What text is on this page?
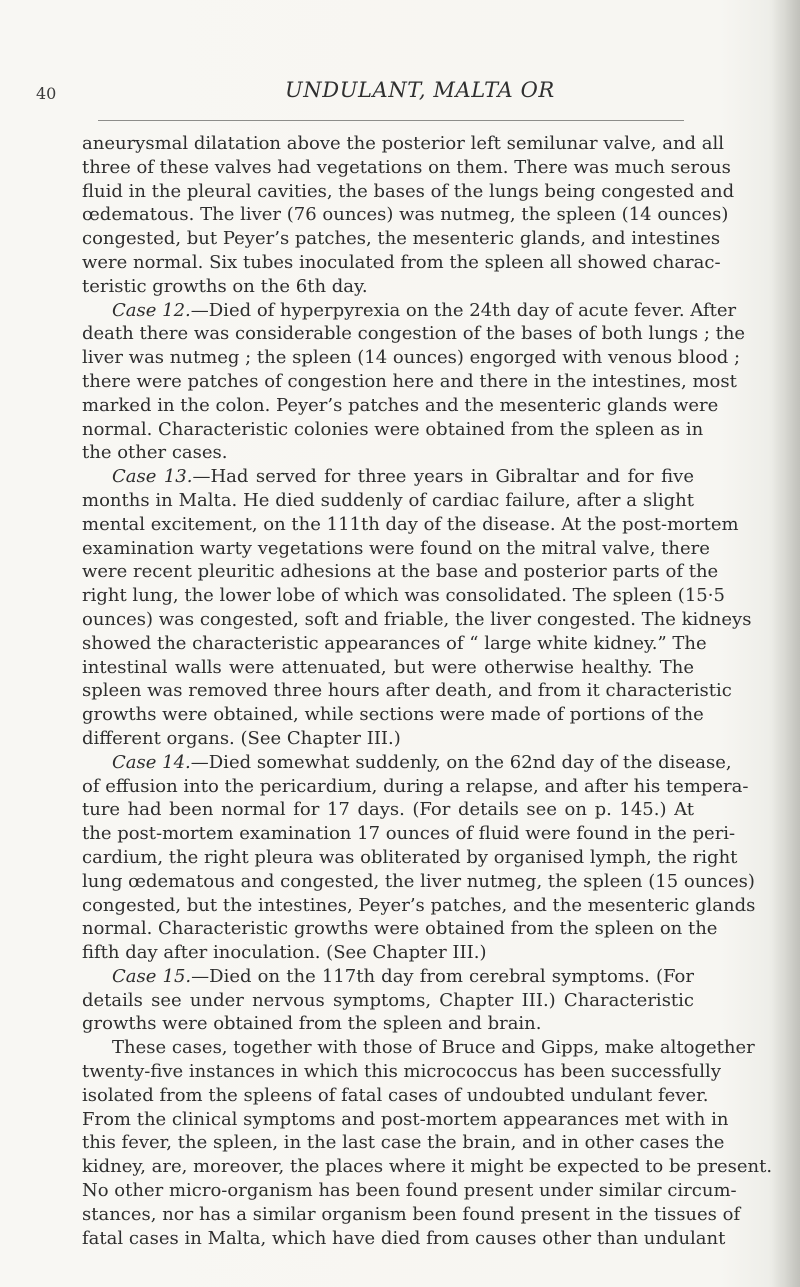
40	UNDULANT, MALTA OR
aneurysmal dilatation above the posterior left semilunar valve, and all
three of these valves had vegetations on them. There was much serous
fluid in the pleural cavities, the bases of the lungs being congested and
œdematous. The liver (76 ounces) was nutmeg, the spleen (14 ounces)
congested, but Peyer’s patches, the mesenteric glands, and intestines
were normal. Six tubes inoculated from the spleen all showed charac-
teristic growths on the 6th day.
Case 12.—Died of hyperpyrexia on the 24th day of acute fever. After
death there was considerable congestion of the bases of both lungs ; the
liver was nutmeg ; the spleen (14 ounces) engorged with venous blood ;
there were patches of congestion here and there in the intestines, most
marked in the colon. Peyer’s patches and the mesenteric glands were
normal. Characteristic colonies were obtained from the spleen as in
the other cases.
Case 13.—Had served for three years in Gibraltar and for five
months in Malta. He died suddenly of cardiac failure, after a slight
mental excitement, on the 111th day of the disease. At the post-mortem
examination warty vegetations were found on the mitral valve, there
were recent pleuritic adhesions at the base and posterior parts of the
right lung, the lower lobe of which was consolidated. The spleen (15·5
ounces) was congested, soft and friable, the liver congested. The kidneys
showed the characteristic appearances of “ large white kidney.” The
intestinal walls were attenuated, but were otherwise healthy. The
spleen was removed three hours after death, and from it characteristic
growths were obtained, while sections were made of portions of the
different organs. (See Chapter III.)
Case 14.—Died somewhat suddenly, on the 62nd day of the disease,
of effusion into the pericardium, during a relapse, and after his tempera-
ture had been normal for 17 days. (For details see on p. 145.) At
the post-mortem examination 17 ounces of fluid were found in the peri-
cardium, the right pleura was obliterated by organised lymph, the right
lung œdematous and congested, the liver nutmeg, the spleen (15 ounces)
congested, but the intestines, Peyer’s patches, and the mesenteric glands
normal. Characteristic growths were obtained from the spleen on the
fifth day after inoculation. (See Chapter III.)
Case 15.—Died on the 117th day from cerebral symptoms. (For
details see under nervous symptoms, Chapter III.) Characteristic
growths were obtained from the spleen and brain.
These cases, together with those of Bruce and Gipps, make altogether
twenty-five instances in which this micrococcus has been successfully
isolated from the spleens of fatal cases of undoubted undulant fever.
From the clinical symptoms and post-mortem appearances met with in
this fever, the spleen, in the last case the brain, and in other cases the
kidney, are, moreover, the places where it might be expected to be present.
No other micro-organism has been found present under similar circum-
stances, nor has a similar organism been found present in the tissues of
fatal cases in Malta, which have died from causes other than undulant
